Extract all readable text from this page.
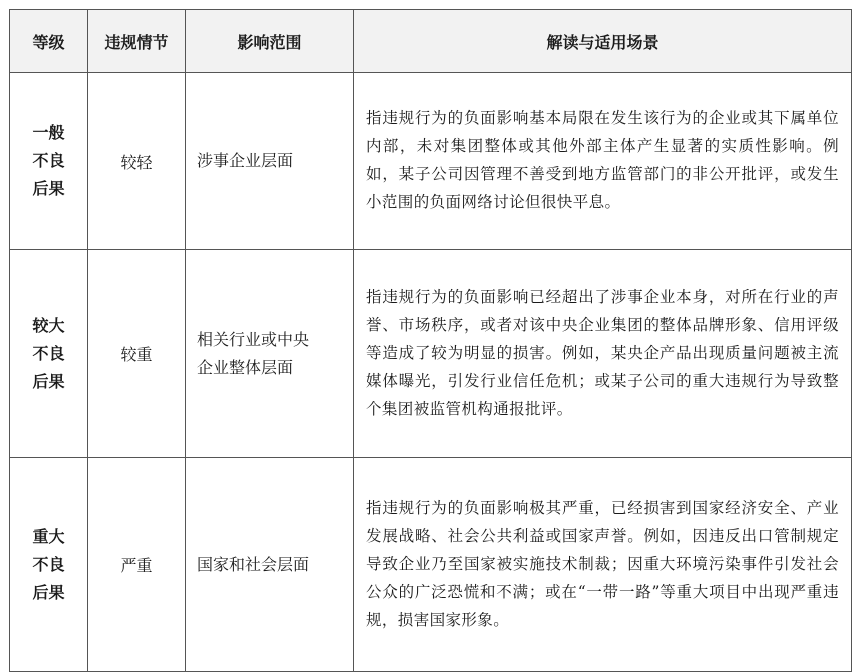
等级	违规情节	影响范围	解读与适用场景

一般
不良
后果	较轻	涉事企业层面	指违规行为的负面影响基本局限在发生该行为的企业或其下属单位内部，未对集团整体或其他外部主体产生显著的实质性影响。例如，某子公司因管理不善受到地方监管部门的非公开批评，或发生小范围的负面网络讨论但很快平息。

较大
不良
后果	较重	相关行业或中央
企业整体层面	指违规行为的负面影响已经超出了涉事企业本身，对所在行业的声誉、市场秩序，或者对该中央企业集团的整体品牌形象、信用评级等造成了较为明显的损害。例如，某央企产品出现质量问题被主流媒体曝光，引发行业信任危机；或某子公司的重大违规行为导致整个集团被监管机构通报批评。

重大
不良
后果	严重	国家和社会层面	指违规行为的负面影响极其严重，已经损害到国家经济安全、产业发展战略、社会公共利益或国家声誉。例如，因违反出口管制规定导致企业乃至国家被实施技术制裁；因重大环境污染事件引发社会公众的广泛恐慌和不满；或在“一带一路”等重大项目中出现严重违规，损害国家形象。
